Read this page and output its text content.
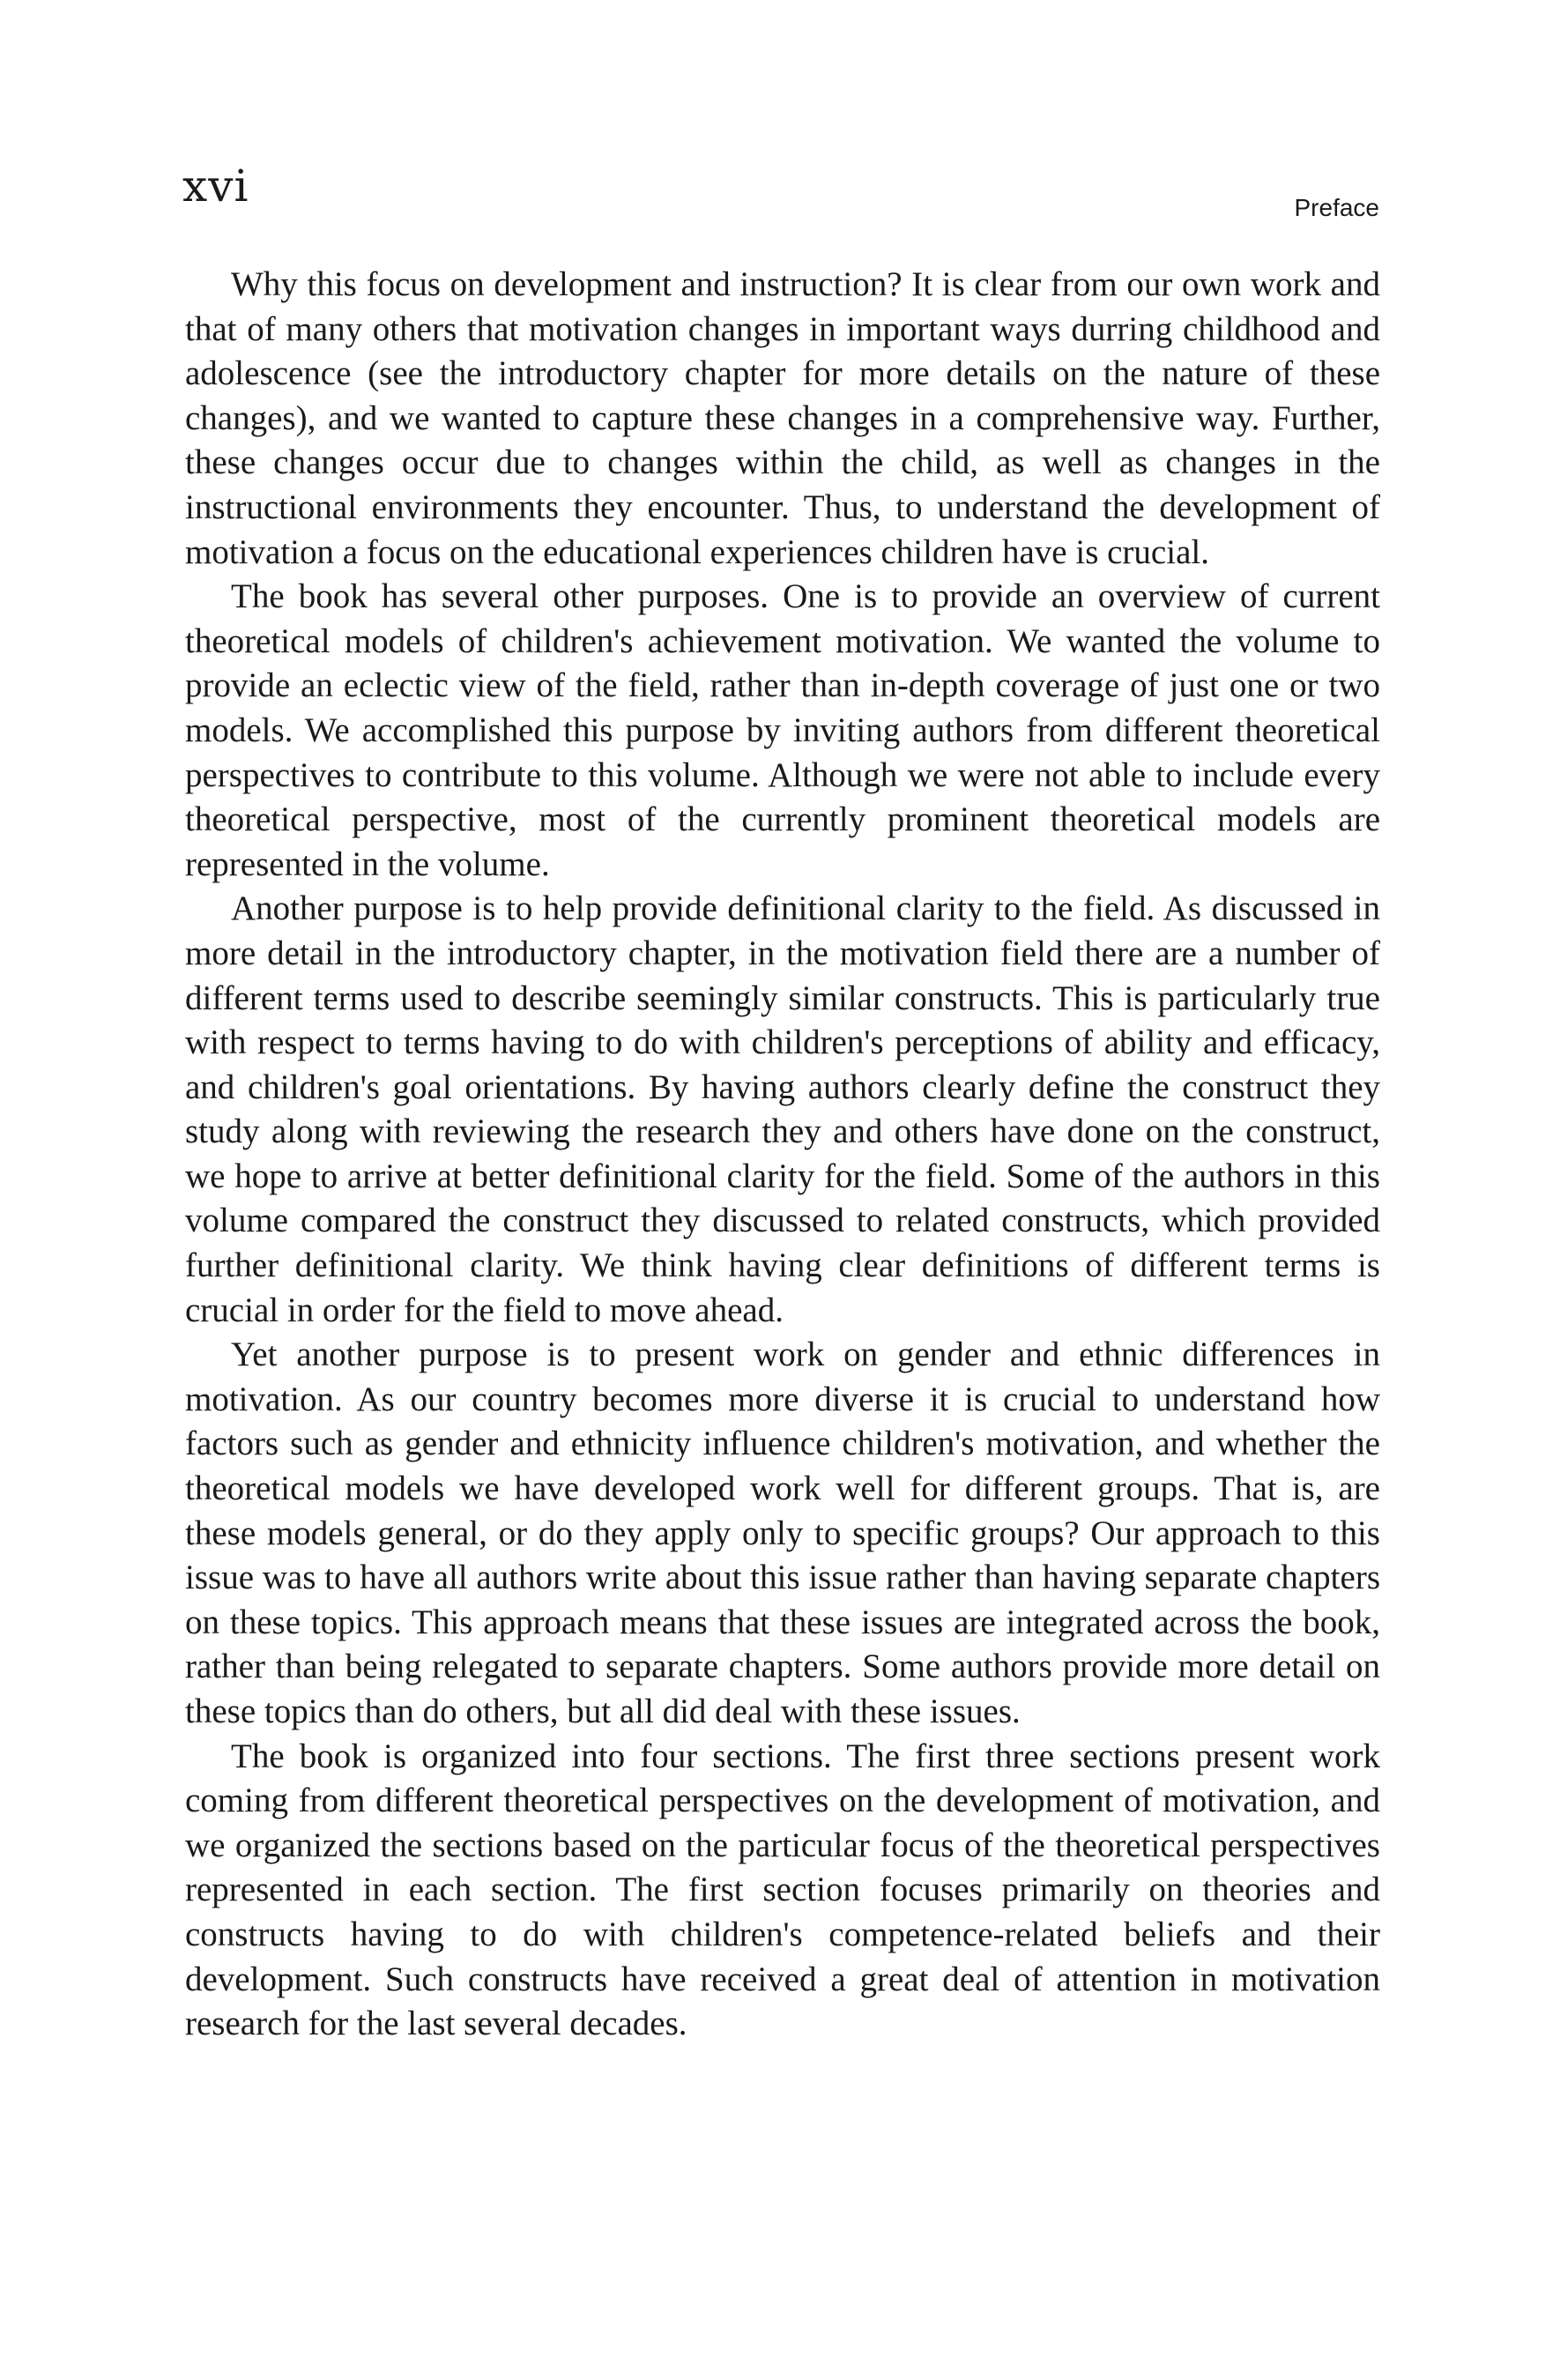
xvi	Preface

Why this focus on development and instruction? It is clear from our own work and that of many others that motivation changes in important ways durring childhood and adolescence (see the introductory chapter for more details on the nature of these changes), and we wanted to capture these changes in a comprehensive way. Further, these changes occur due to changes within the child, as well as changes in the instructional environments they encounter. Thus, to understand the development of motivation a focus on the educational experiences children have is crucial.

The book has several other purposes. One is to provide an overview of current theoretical models of children's achievement motivation. We wanted the volume to provide an eclectic view of the field, rather than in-depth coverage of just one or two models. We accomplished this purpose by inviting authors from different theoretical perspectives to contribute to this volume. Although we were not able to include every theoretical perspective, most of the currently prominent theoretical models are represented in the volume.

Another purpose is to help provide definitional clarity to the field. As discussed in more detail in the introductory chapter, in the motivation field there are a number of different terms used to describe seemingly similar constructs. This is particularly true with respect to terms having to do with children's perceptions of ability and efficacy, and children's goal orientations. By having authors clearly define the construct they study along with reviewing the research they and others have done on the construct, we hope to arrive at better definitional clarity for the field. Some of the authors in this volume compared the construct they discussed to related constructs, which provided further definitional clarity. We think having clear definitions of different terms is crucial in order for the field to move ahead.

Yet another purpose is to present work on gender and ethnic differences in motivation. As our country becomes more diverse it is crucial to understand how factors such as gender and ethnicity influence children's motivation, and whether the theoretical models we have developed work well for different groups. That is, are these models general, or do they apply only to specific groups? Our approach to this issue was to have all authors write about this issue rather than having separate chapters on these topics. This approach means that these issues are integrated across the book, rather than being relegated to separate chapters. Some authors provide more detail on these topics than do others, but all did deal with these issues.

The book is organized into four sections. The first three sections present work coming from different theoretical perspectives on the development of motivation, and we organized the sections based on the particular focus of the theoretical perspectives represented in each section. The first section focuses primarily on theories and constructs having to do with children's competence-related beliefs and their development. Such constructs have received a great deal of attention in motivation research for the last several decades.
